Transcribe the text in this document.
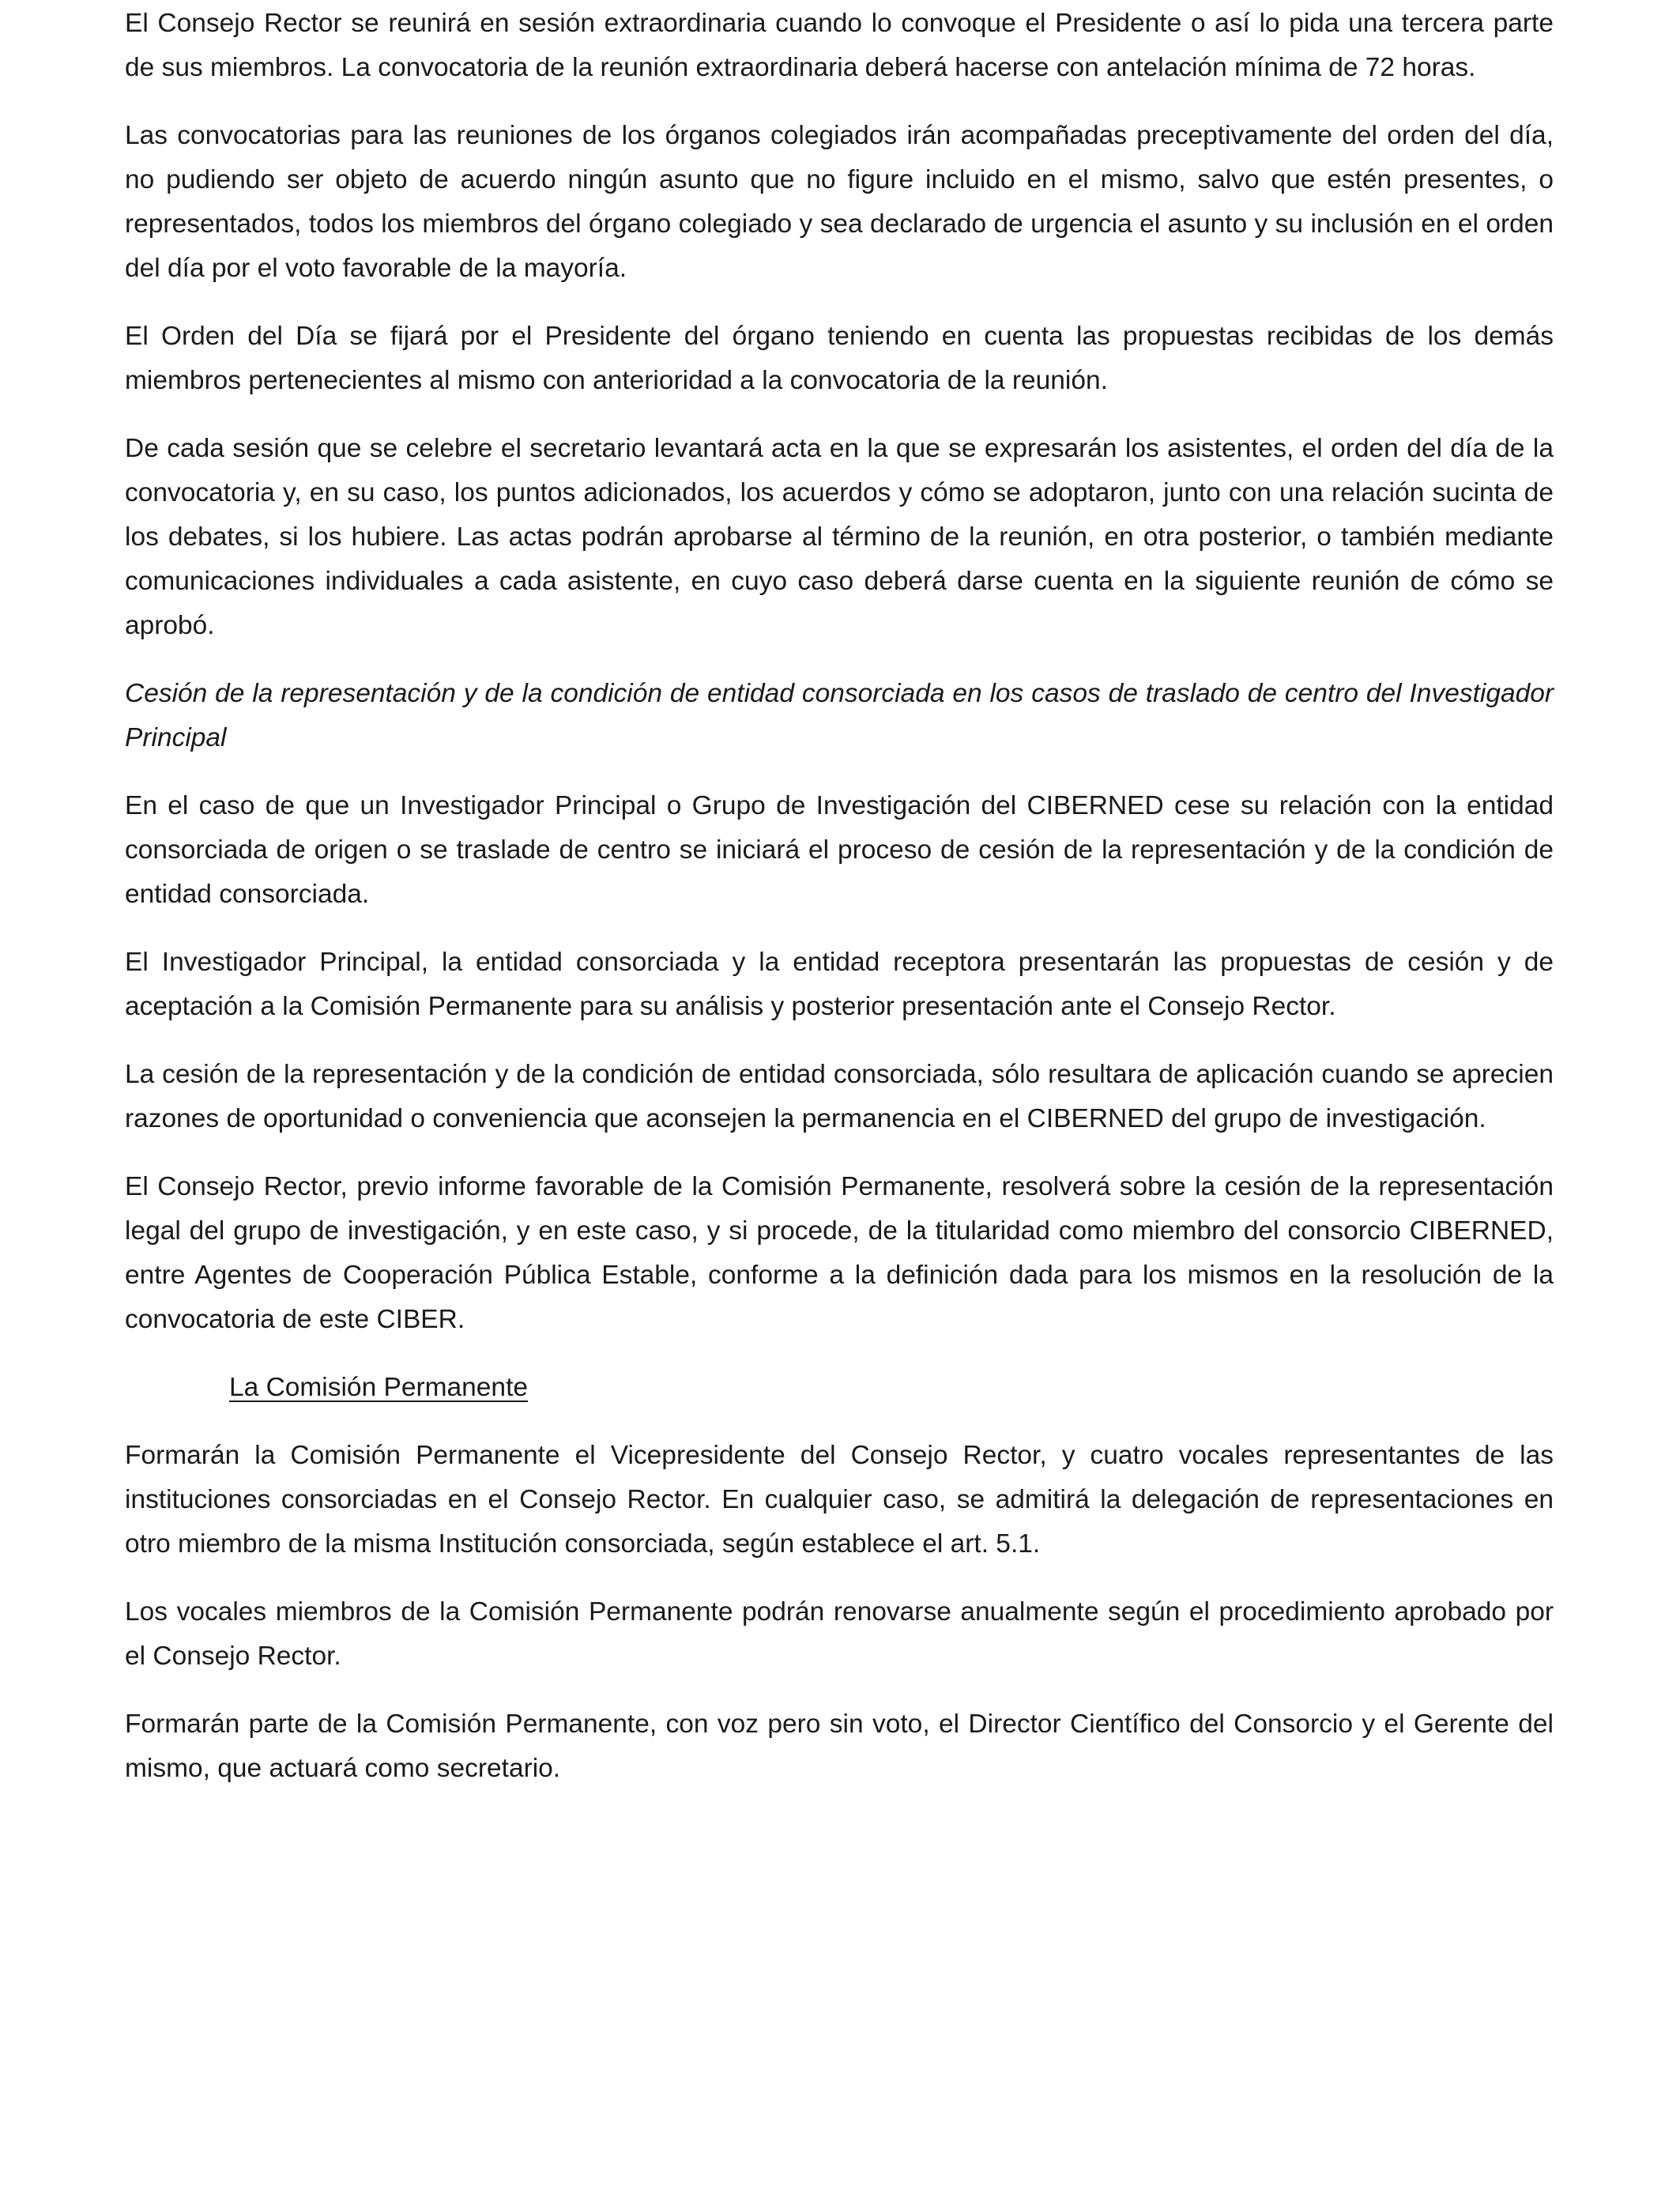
El Consejo Rector se reunirá en sesión extraordinaria cuando lo convoque el Presidente o así lo pida una tercera parte de sus miembros. La convocatoria de la reunión extraordinaria deberá hacerse con antelación mínima de 72 horas.

Las convocatorias para las reuniones de los órganos colegiados irán acompañadas preceptivamente del orden del día, no pudiendo ser objeto de acuerdo ningún asunto que no figure incluido en el mismo, salvo que estén presentes, o representados, todos los miembros del órgano colegiado y sea declarado de urgencia el asunto y su inclusión en el orden del día por el voto favorable de la mayoría.

El Orden del Día se fijará por el Presidente del órgano teniendo en cuenta las propuestas recibidas de los demás miembros pertenecientes al mismo con anterioridad a la convocatoria de la reunión.

De cada sesión que se celebre el secretario levantará acta en la que se expresarán los asistentes, el orden del día de la convocatoria y, en su caso, los puntos adicionados, los acuerdos y cómo se adoptaron, junto con una relación sucinta de los debates, si los hubiere. Las actas podrán aprobarse al término de la reunión, en otra posterior, o también mediante comunicaciones individuales a cada asistente, en cuyo caso deberá darse cuenta en la siguiente reunión de cómo se aprobó.

Cesión de la representación y de la condición de entidad consorciada en los casos de traslado de centro del Investigador Principal

En el caso de que un Investigador Principal o Grupo de Investigación del CIBERNED cese su relación con la entidad consorciada de origen o se traslade de centro se iniciará el proceso de cesión de la representación y de la condición de entidad consorciada.

El Investigador Principal, la entidad consorciada y la entidad receptora presentarán las propuestas de cesión y de aceptación a la Comisión Permanente para su análisis y posterior presentación ante el Consejo Rector.

La cesión de la representación y de la condición de entidad consorciada, sólo resultara de aplicación cuando se aprecien razones de oportunidad o conveniencia que aconsejen la permanencia en el CIBERNED del grupo de investigación.

El Consejo Rector, previo informe favorable de la Comisión Permanente, resolverá sobre la cesión de la representación legal del grupo de investigación, y en este caso, y si procede, de la titularidad como miembro del consorcio CIBERNED, entre Agentes de Cooperación Pública Estable, conforme a la definición dada para los mismos en la resolución de la convocatoria de este CIBER.

La Comisión Permanente

Formarán la Comisión Permanente el Vicepresidente del Consejo Rector, y cuatro vocales representantes de las instituciones consorciadas en el Consejo Rector. En cualquier caso, se admitirá la delegación de representaciones en otro miembro de la misma Institución consorciada, según establece el art. 5.1.

Los vocales miembros de la Comisión Permanente podrán renovarse anualmente según el procedimiento aprobado por el Consejo Rector.

Formarán parte de la Comisión Permanente, con voz pero sin voto, el Director Científico del Consorcio y el Gerente del mismo, que actuará como secretario.
